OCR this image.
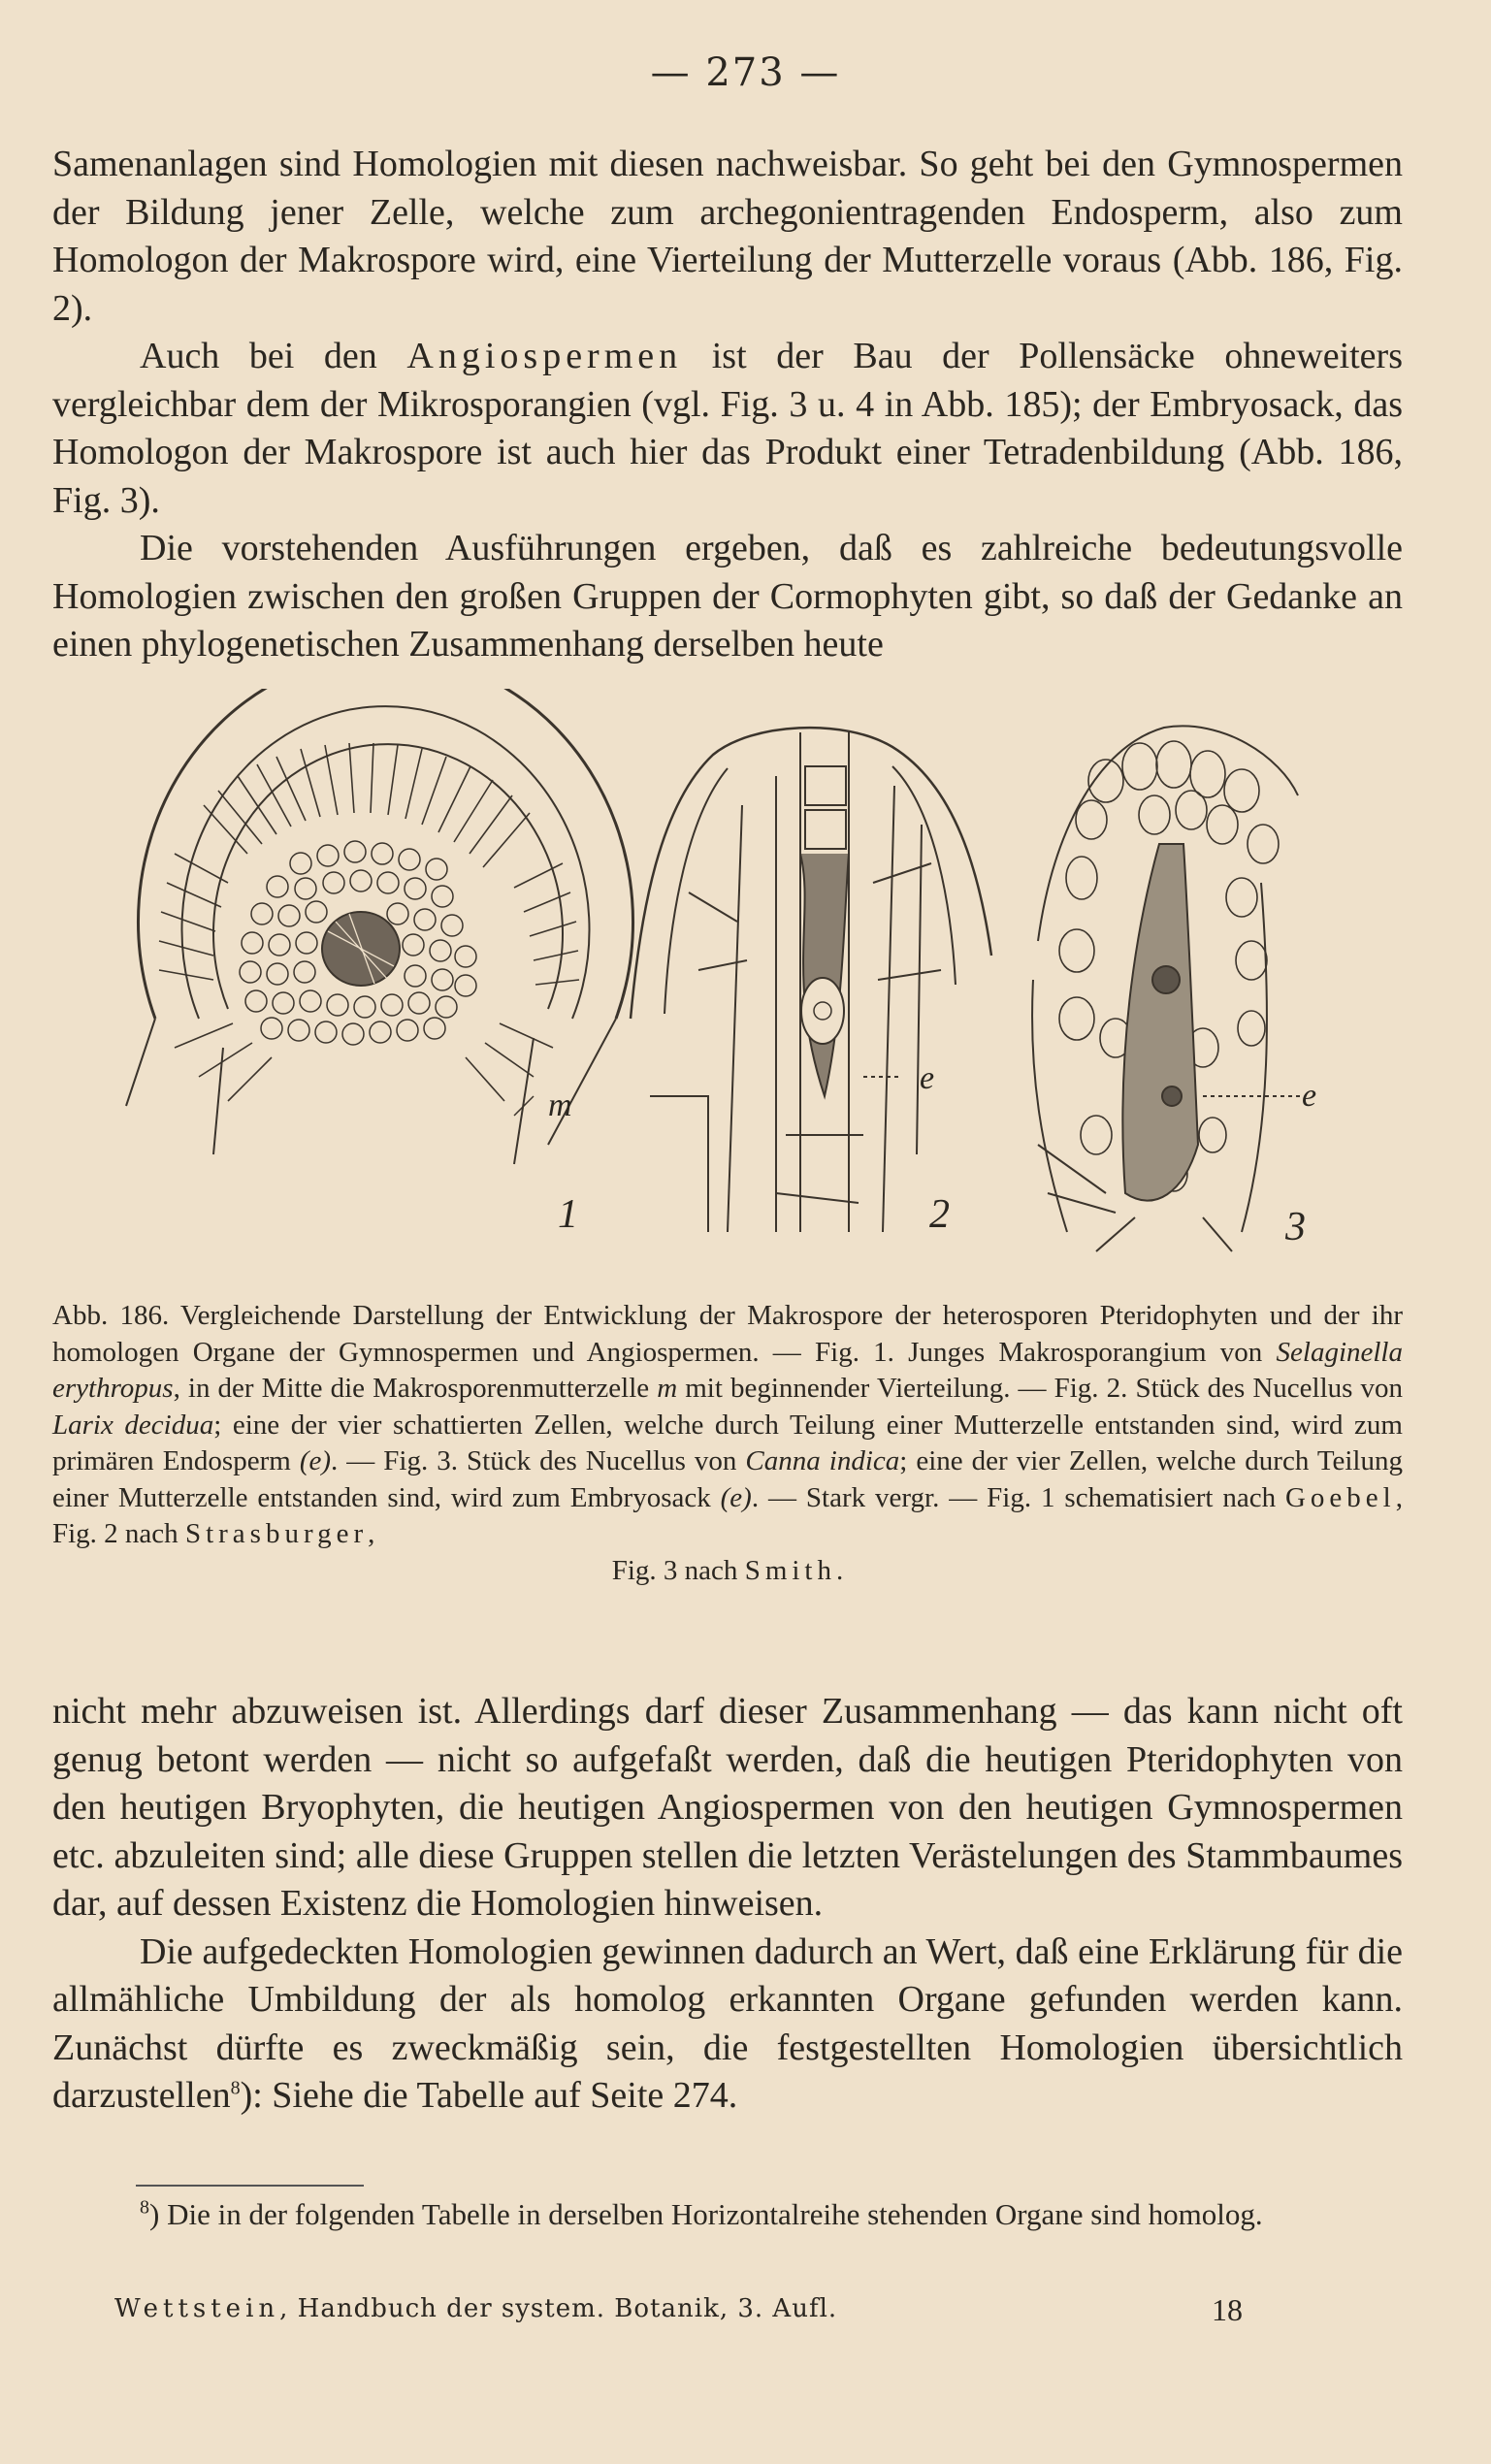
— 273 —

Samenanlagen sind Homologien mit diesen nachweisbar. So geht bei den Gymnospermen der Bildung jener Zelle, welche zum archegonientragenden Endosperm, also zum Homologon der Makrospore wird, eine Vierteilung der Mutterzelle voraus (Abb. 186, Fig. 2).

Auch bei den Angiospermen ist der Bau der Pollensäcke ohneweiters vergleichbar dem der Mikrosporangien (vgl. Fig. 3 u. 4 in Abb. 185); der Embryosack, das Homologon der Makrospore ist auch hier das Produkt einer Tetradenbildung (Abb. 186, Fig. 3).

Die vorstehenden Ausführungen ergeben, daß es zahlreiche bedeutungsvolle Homologien zwischen den großen Gruppen der Cormophyten gibt, so daß der Gedanke an einen phylogenetischen Zusammenhang derselben heute

m
1
e
2
e
3

Abb. 186. Vergleichende Darstellung der Entwicklung der Makrospore der heterosporen Pteridophyten und der ihr homologen Organe der Gymnospermen und Angiospermen. — Fig. 1. Junges Makrosporangium von Selaginella erythropus, in der Mitte die Makrosporenmutterzelle m mit beginnender Vierteilung. — Fig. 2. Stück des Nucellus von Larix decidua; eine der vier schattierten Zellen, welche durch Teilung einer Mutterzelle entstanden sind, wird zum primären Endosperm (e). — Fig. 3. Stück des Nucellus von Canna indica; eine der vier Zellen, welche durch Teilung einer Mutterzelle entstanden sind, wird zum Embryosack (e). — Stark vergr. — Fig. 1 schematisiert nach Goebel, Fig. 2 nach Strasburger,

Fig. 3 nach Smith.

nicht mehr abzuweisen ist. Allerdings darf dieser Zusammenhang — das kann nicht oft genug betont werden — nicht so aufgefaßt werden, daß die heutigen Pteridophyten von den heutigen Bryophyten, die heutigen Angiospermen von den heutigen Gymnospermen etc. abzuleiten sind; alle diese Gruppen stellen die letzten Verästelungen des Stammbaumes dar, auf dessen Existenz die Homologien hinweisen.

Die aufgedeckten Homologien gewinnen dadurch an Wert, daß eine Erklärung für die allmähliche Umbildung der als homolog erkannten Organe gefunden werden kann. Zunächst dürfte es zweckmäßig sein, die festgestellten Homologien übersichtlich darzustellen$^8$): Siehe die Tabelle auf Seite 274.

$^8$) Die in der folgenden Tabelle in derselben Horizontalreihe stehenden Organe sind homolog.

Wettstein, Handbuch der system. Botanik, 3. Aufl.	18
